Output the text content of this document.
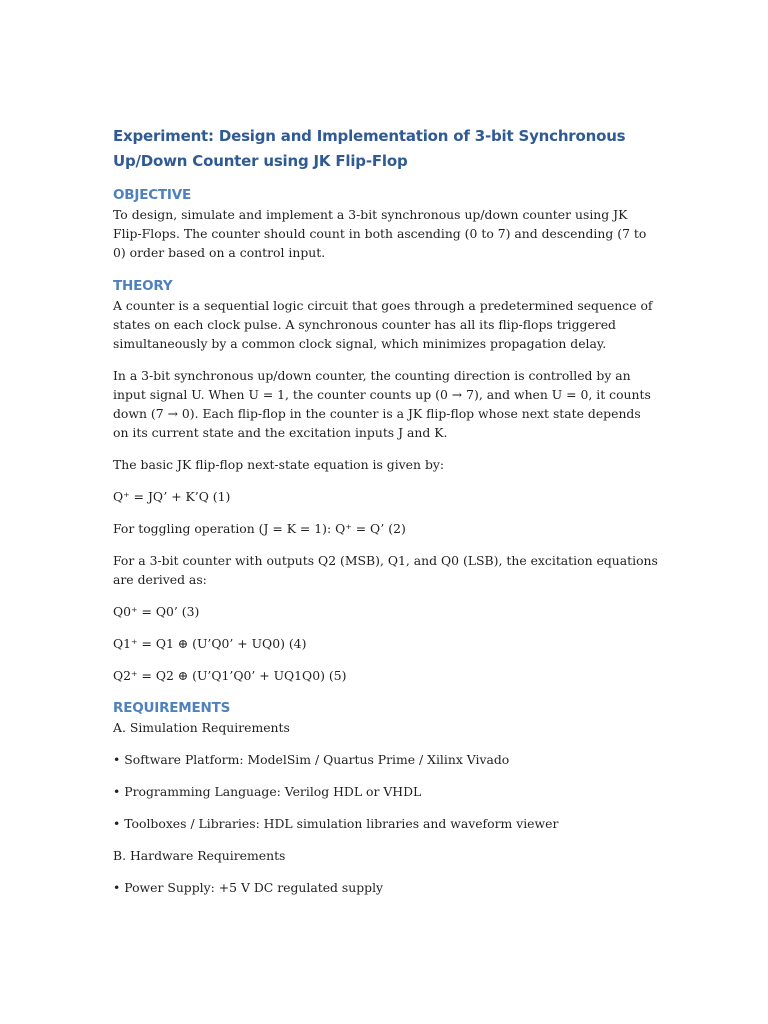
Experiment: Design and Implementation of 3-bit Synchronous Up/Down Counter using JK Flip-Flop
OBJECTIVE

To design, simulate and implement a 3-bit synchronous up/down counter using JK Flip-Flops. The counter should count in both ascending (0 to 7) and descending (7 to 0) order based on a control input.

THEORY

A counter is a sequential logic circuit that goes through a predetermined sequence of states on each clock pulse. A synchronous counter has all its flip-flops triggered simultaneously by a common clock signal, which minimizes propagation delay.

In a 3-bit synchronous up/down counter, the counting direction is controlled by an input signal U. When U = 1, the counter counts up (0 → 7), and when U = 0, it counts down (7 → 0). Each flip-flop in the counter is a JK flip-flop whose next state depends on its current state and the excitation inputs J and K.

The basic JK flip-flop next-state equation is given by:

Q⁺ = JQ’ + K’Q (1)

For toggling operation (J = K = 1): Q⁺ = Q’ (2)

For a 3-bit counter with outputs Q2 (MSB), Q1, and Q0 (LSB), the excitation equations are derived as:

Q0⁺ = Q0’ (3)

Q1⁺ = Q1 ⊕ (U’Q0’ + UQ0) (4)

Q2⁺ = Q2 ⊕ (U’Q1’Q0’ + UQ1Q0) (5)

REQUIREMENTS

A. Simulation Requirements

• Software Platform: ModelSim / Quartus Prime / Xilinx Vivado

• Programming Language: Verilog HDL or VHDL

• Toolboxes / Libraries: HDL simulation libraries and waveform viewer

B. Hardware Requirements

• Power Supply: +5 V DC regulated supply
